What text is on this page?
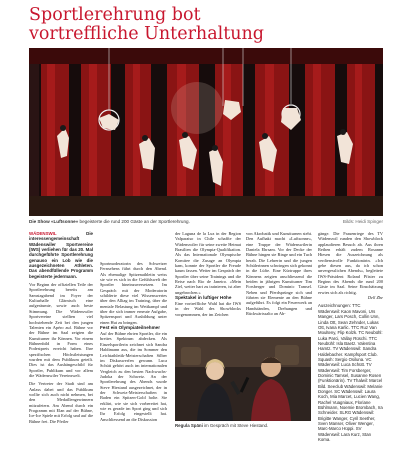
Sportlerehrung bot
vortreffliche Unterhaltung
Die Show «Luftsonne» begeisterte die rund 200 Gäste an der Sportlerehrung.	Bilds: Heidi Spinger

WÄDENSWIL Die interessengemeinschaft Wädenswiler Sportvereine (IWS) verliehen für das 20. Mal durchgeführte Sportlerehrung genauso ein Lob wie die ausgezeichneten Athleten. Das abendfüllende Programm begeisterte jedermann.

Vor Beginn der offiziellen Teile der Sportlerehrung bereits am Samstagabend im Foyer der Kulturhalle Glärnisch eine aufgeräumte, sowie auch beste Stimmung. Die Wädenswiler Sportvereine stellten viel hochstehende Zeit bei den jungen Talenten ein Apéro auf. Bühne vor der Bühne im Saal zeigten die Kunstturner ihr Können. Vor einem Bühnenbild in Form eines Podestpreis erreicht haben. Ihre spezifischen Höchstleistungen wurden mit dem Publikum geteilt. Dies ist das Aushängeschild für Sportler, Publikum und vor allem die Wädenswiler Vereinswelt.

Die Vertreter der Stadt sind am Anlass dabei und das Publikum wollte sich auch nicht nehmen, bei den Medaillengewinnern mitzufeiern. Am Abend durch ein Programm mit Elan auf der Bühne, Ice-Ice Spiele mit Erfolg und auf die Bühne frei. Die Pfeiler

Sportmoderatorin des Schweizer Fernsehens führt durch den Abend. Als ehemalige Spitzenathletin weiss sie wie es sich in die Gefühlswelt der Sportler hineinzuversetzen. Im Gespräch mit der Moderatorin schilderte diese viel Wissenswertes über den Alltag im Training, über die mentale Belastung im Wettkampf und über die sich immer erneute Aufgabe, Spitzensport und Ausbildung unter einen Hut zu bringen.

Fest ein Olympiateilnehmer

Auf der Bühne ehrten Sportler, die ein breites Spektrum abdecken. Als Einzelsportlerin zeichnet sich Sandra Haldimann aus, die im Sommer den Leichtathletik-Meisterschaften Silber im Diskuswerfen gewann. Luca Schütt gehört auch im internationalen Vergleich zu den besten Nachwuchs-Judoka der Schweiz. An der Sportlerehrung des Abends wurde Steve Hiestand ausgezeichnet, der in der Schweiz-Meisterschaften in Baden ein Spitzen-Gold holte. Sie erklärt, wie sie sich vorbereitet hat, wie es gerade im Sport ging und sich Ihr Erfolg eingestellt hat. Anschliessend an die Diskussion

der Laguna de la Luz in der Region Valparaiso in Chile schaffte der Wädenswiler für seine zweite Heimat Brasilien die Olympia-Qualifikation. Als das Internationale Olympische Komitee die Zusage an Olympia kam, konnte der Sportler die Freude kaum fassen. Weiter im Gespräch der Sportler über seine Trainings und die Reise nach Rio de Janeiro. «Mein Ziel, weiter hart zu trainieren, ist aber ungebrochen.»

Spektakel in luftiger Höhe

Eine vortreffliche Wahl hat die IWS in der Wahl des Showblocks vorgenommen, der im Zeichen

von Akrobatik und Kunstturnen steht. Den Aufhakt macht «Luftsonne», eine Truppe der Wädenswilerin Daniela Ehrsam. Vor der Decke der Bühne hingen sie Ringe und ein Tuch herab. Die Lehrerin und die jungen Schülerinnen schwingen sich gekonnt in die Lüfte. Eine Kürtruppe ihres Könnens zeigten anschliessend die beiden in jährigen Kunstturner Tim Forsberger und Dominic Tamsel. Neben und Pferdsprünge sich und führten sie Elemente an den Bühne aufgeführt. Es folgt ein Feuerwerk an Handständen, Drehungen und Rückwärtssalto an Ab-

gänge. Die Frauenriege des TV Wädenswil runden den Showblock applaudieren Besuch ab. Aus ihren Reihen erhält zudem Rosanne Hiesen die Auszeichnung als verdienstvolle Funktionärin. «Ich gebe diesen aus, da ich schon unvergesslichen Abends», begleitete IWS-Präsident Roland Pfister zu Beginn des Abends die rund 200 Gäste im Saal. Seine Einschätzung erwies sich als richtig.

Dell Zbe

Auszeichnungen: TTC Wädenswil: Kaon Mavoni, Urs Manger, Lars Posch, Collin Unn, Linda Ott, Sean Zehnder, Lukas Ott, Ivana Karlic. TTC Ruz Van Moulteny, Flip Kolzk. TC Neubühl: Luka Parci, Vallay Rüschi. TTC Neubühl: Isla Baetz. Valentina Hamtz. TV Wädenswil: Sandra Haldebacher. Kampfsport Club. Squash: Sergio Osiluna. VC Wädenswil: Luca Schütt. TV Wädenswil: Tim Forsberger, Dominic Tamsel, Susanne Rosen (Funktionärin). TV Thalwil: Marcel Bild. Seeclub Wädenswil: Melanie Donger. SC Wädenswil: Laura Koch, Mia Marcet, Lucien Wang, Rachel Vuagniaux, Floriane Bühlmann, Noemie Brombach, Ira Schneider. SLRG Wädenswil: Brigitte Wanger, Cyril Seether, Sven Manser, Oliver Wenger, Marc-Marco Hüppi. SV Wädenswil: Lara Kurz, Stan Koma.

Regula Späni im Gespräch mit Steve Hiestand.
